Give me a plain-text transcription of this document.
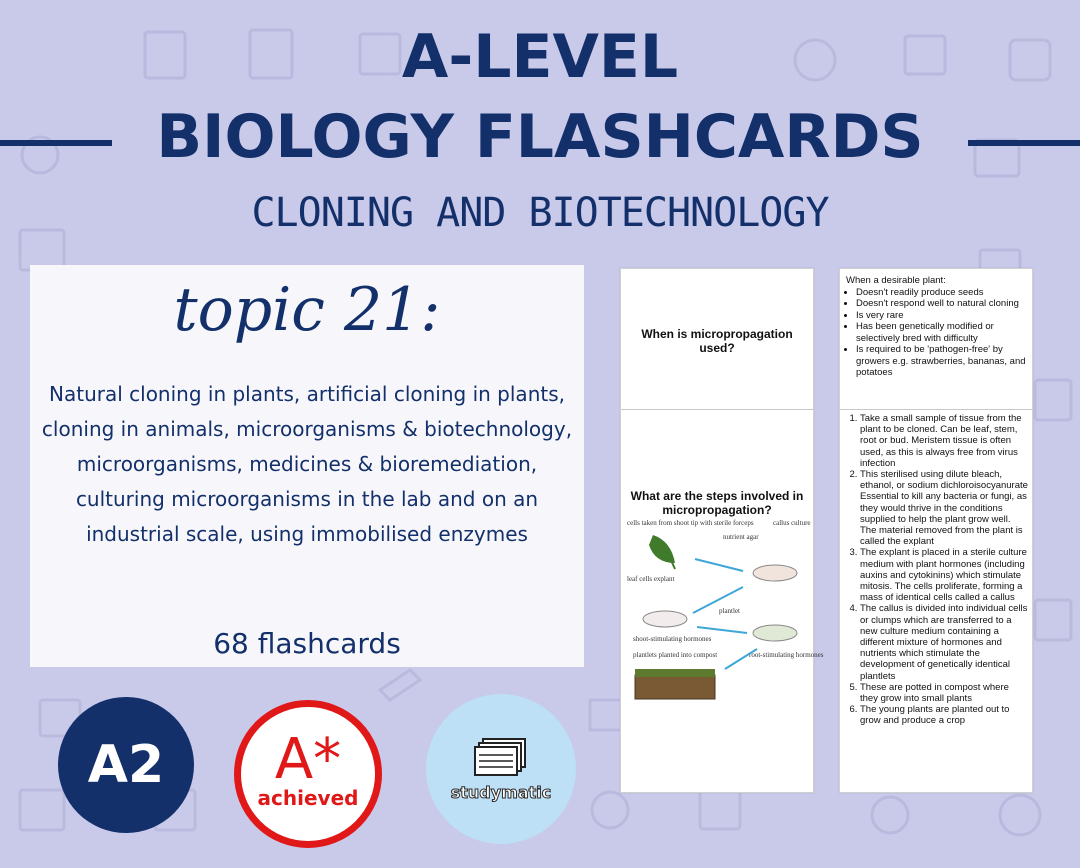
A-LEVEL
BIOLOGY FLASHCARDS
CLONING AND BIOTECHNOLOGY
topic 21:
Natural cloning in plants, artificial cloning in plants, cloning in animals, microorganisms & biotechnology, microorganisms, medicines & bioremediation, culturing microorganisms in the lab and on an industrial scale, using immobilised enzymes
68 flashcards
A2 A*
achieved	studymatic
When is micropropagation used?
What are the steps involved in micropropagation?
cells taken from shoot tip with sterile forceps
leaf cells explant
nutrient agar
callus culture
shoot-stimulating hormones
plantlet
root-stimulating hormones
plantlets planted into compost
When a desirable plant:
• Doesn't readily produce seeds
• Doesn't respond well to natural cloning
• Is very rare
• Has been genetically modified or selectively bred with difficulty
• Is required to be 'pathogen-free' by growers e.g. strawberries, bananas, and potatoes
1. Take a small sample of tissue from the plant to be cloned. Can be leaf, stem, root or bud. Meristem tissue is often used, as this is always free from virus infection
2. This sterilised using dilute bleach, ethanol, or sodium dichloroisocyanurate Essential to kill any bacteria or fungi, as they would thrive in the conditions supplied to help the plant grow well. The material removed from the plant is called the explant
3. The explant is placed in a sterile culture medium with plant hormones (including auxins and cytokinins) which stimulate mitosis. The cells proliferate, forming a mass of identical cells called a callus
4. The callus is divided into individual cells or clumps which are transferred to a new culture medium containing a different mixture of hormones and nutrients which stimulate the development of genetically identical plantlets
5. These are potted in compost where they grow into small plants
6. The young plants are planted out to grow and produce a crop
